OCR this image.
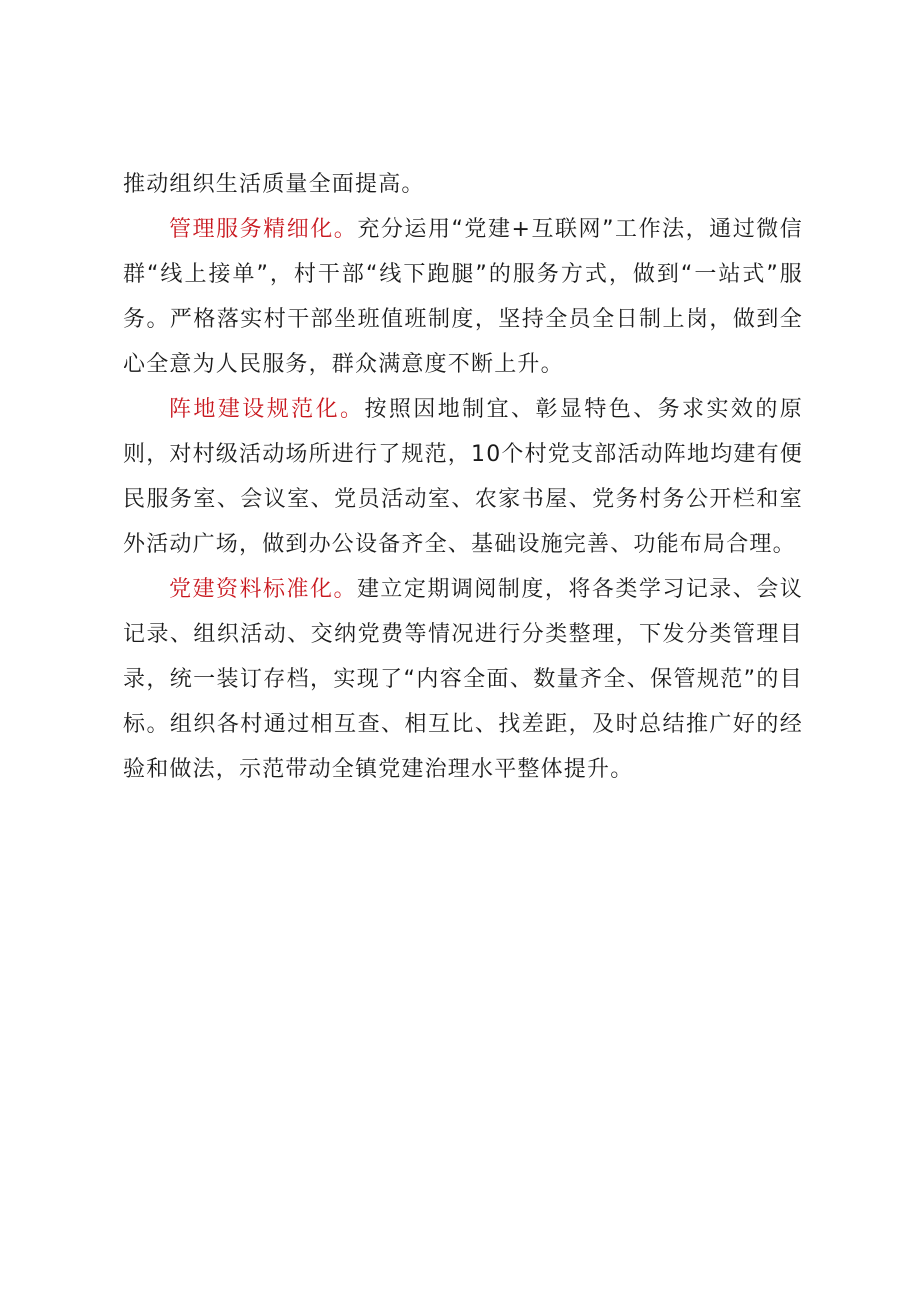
推动组织生活质量全面提高。

管理服务精细化。充分运用“党建+互联网”工作法，通过微信群“线上接单”，村干部“线下跑腿”的服务方式，做到“一站式”服务。严格落实村干部坐班值班制度，坚持全员全日制上岗，做到全心全意为人民服务，群众满意度不断上升。

阵地建设规范化。按照因地制宜、彰显特色、务求实效的原则，对村级活动场所进行了规范，10个村党支部活动阵地均建有便民服务室、会议室、党员活动室、农家书屋、党务村务公开栏和室外活动广场，做到办公设备齐全、基础设施完善、功能布局合理。

党建资料标准化。建立定期调阅制度，将各类学习记录、会议记录、组织活动、交纳党费等情况进行分类整理，下发分类管理目录，统一装订存档，实现了“内容全面、数量齐全、保管规范”的目标。组织各村通过相互查、相互比、找差距，及时总结推广好的经验和做法，示范带动全镇党建治理水平整体提升。
